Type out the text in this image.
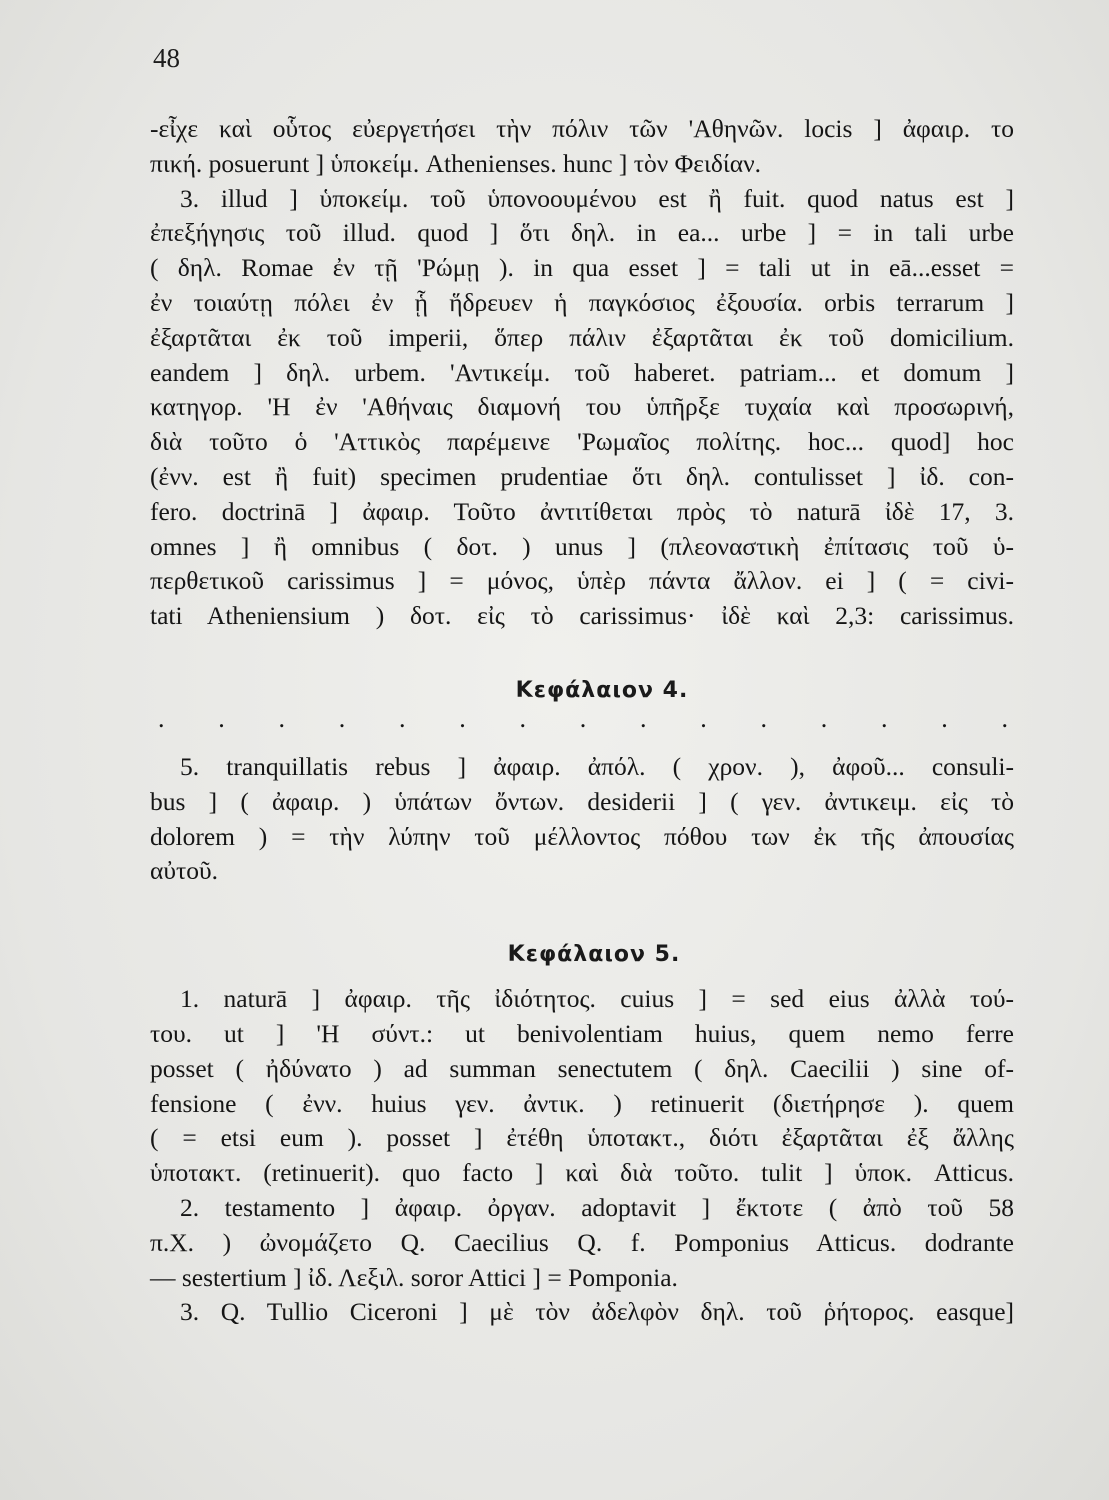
48
-εἶχε καὶ οὗτος εὐεργετήσει τὴν πόλιν τῶν 'Αθηνῶν. locis ] ἀφαιρ. το
πική. posuerunt ] ὑποκείμ. Athenienses. hunc ] τὸν Φειδίαν.
3. illud ] ὑποκείμ. τοῦ ὑπονοουμένου est ἢ fuit. quod natus est ]
ἐπεξήγησις τοῦ illud. quod ] ὅτι δηλ. in ea... urbe ] = in tali urbe
( δηλ. Romae ἐν τῇ 'Ρώμῃ ). in qua esset ] = tali ut in eā...esset =
ἐν τοιαύτῃ πόλει ἐν ᾗ ἥδρευεν ἡ παγκόσιος ἐξουσία. orbis terrarum ]
ἐξαρτᾶται ἐκ τοῦ imperii, ὅπερ πάλιν ἐξαρτᾶται ἐκ τοῦ domicilium.
eandem ] δηλ. urbem. 'Αντικείμ. τοῦ haberet. patriam... et domum ]
κατηγορ. 'Η ἐν 'Αθήναις διαμονή του ὑπῆρξε τυχαία καὶ προσωρινή,
διὰ τοῦτο ὁ 'Αττικὸς παρέμεινε 'Ρωμαῖος πολίτης. hoc... quod] hoc
(ἐνν. est ἢ fuit) specimen prudentiae ὅτι δηλ. contulisset ] ἰδ. con-
fero. doctrinā ] ἀφαιρ. Τοῦτο ἀντιτίθεται πρὸς τὸ naturā ἰδὲ 17, 3.
omnes ] ἢ omnibus ( δοτ. ) unus ] (πλεοναστικὴ ἐπίτασις τοῦ ὑ-
περθετικοῦ carissimus ] = μόνος, ὑπὲρ πάντα ἄλλον. ei ] ( = civi-
tati Atheniensium ) δοτ. εἰς τὸ carissimus· ἰδὲ καὶ 2,3: carissimus.
Κεφάλαιον 4.
. . . . . . . . . . . . . . .
5. tranquillatis rebus ] ἀφαιρ. ἀπόλ. ( χρον. ), ἀφοῦ... consuli-
bus ] ( ἀφαιρ. ) ὑπάτων ὄντων. desiderii ] ( γεν. ἀντικειμ. εἰς τὸ
dolorem ) = τὴν λύπην τοῦ μέλλοντος πόθου των ἐκ τῆς ἀπουσίας
αὐτοῦ.
Κεφάλαιον 5.
1. naturā ] ἀφαιρ. τῆς ἰδιότητος. cuius ] = sed eius ἀλλὰ τού-
του. ut ] 'Η σύντ.: ut benivolentiam huius, quem nemo ferre
posset ( ἠδύνατο ) ad summan senectutem ( δηλ. Caecilii ) sine of-
fensione ( ἐνν. huius γεν. ἀντικ. ) retinuerit (διετήρησε ). quem
( = etsi eum ). posset ] ἐτέθη ὑποτακτ., διότι ἐξαρτᾶται ἐξ ἄλλης
ὑποτακτ. (retinuerit). quo facto ] καὶ διὰ τοῦτο. tulit ] ὑποκ. Atticus.
2. testamento ] ἀφαιρ. ὀργαν. adoptavit ] ἔκτοτε ( ἀπὸ τοῦ 58
π.Χ. ) ὠνομάζετο Q. Caecilius Q. f. Pomponius Atticus. dodrante
— sestertium ] ἰδ. Λεξιλ. soror Attici ] = Pomponia.
3. Q. Tullio Ciceroni ] μὲ τὸν ἀδελφὸν δηλ. τοῦ ῥήτορος. easque]
